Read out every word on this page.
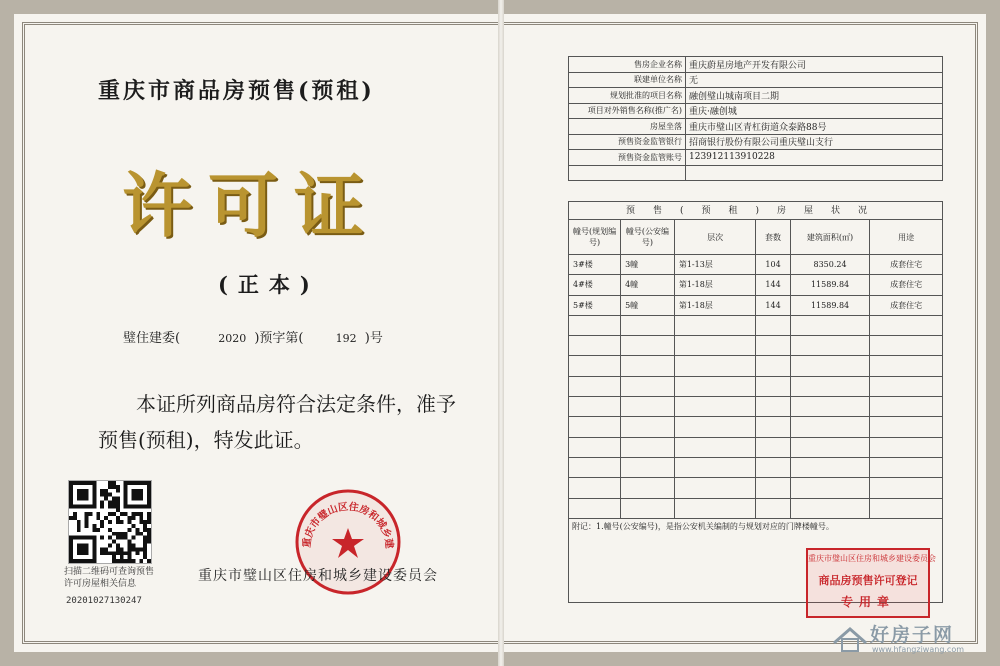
重庆市商品房预售(预租)
许可证
(正本)
璧住建委(	2020 )预字第(	192 )号
本证所列商品房符合法定条件，准予预售(预租)，特发此证。
扫描二维码可查询预售许可房屋相关信息
20201027130247
重庆市璧山区住房和城乡建
重庆市璧山区住房和城乡建设委员会
售房企业名称	重庆蔚星房地产开发有限公司
联建单位名称	无
规划批准的项目名称	融创璧山城南项目二期
项目对外销售名称(推广名)	重庆·融创城
房屋坐落	重庆市璧山区青杠街道众泰路88号
预售资金监管银行	招商银行股份有限公司重庆璧山支行
预售资金监管账号	123912113910228

预售(预租)房屋状况
幢号(规划编号)	幢号(公安编号)	层次	套数	建筑面积(㎡)	用途
3#楼	3幢	第1-13层	104	8350.24	成套住宅
4#楼	4幢	第1-18层	144	11589.84	成套住宅
5#楼	5幢	第1-18层	144	11589.84	成套住宅

附记：1.幢号(公安编号)，是指公安机关编制的与规划对应的门牌楼幢号。
重庆市璧山区住房和城乡建设委员会
商品房预售许可登记
专用章
好房子网
www.hfangziwang.com
